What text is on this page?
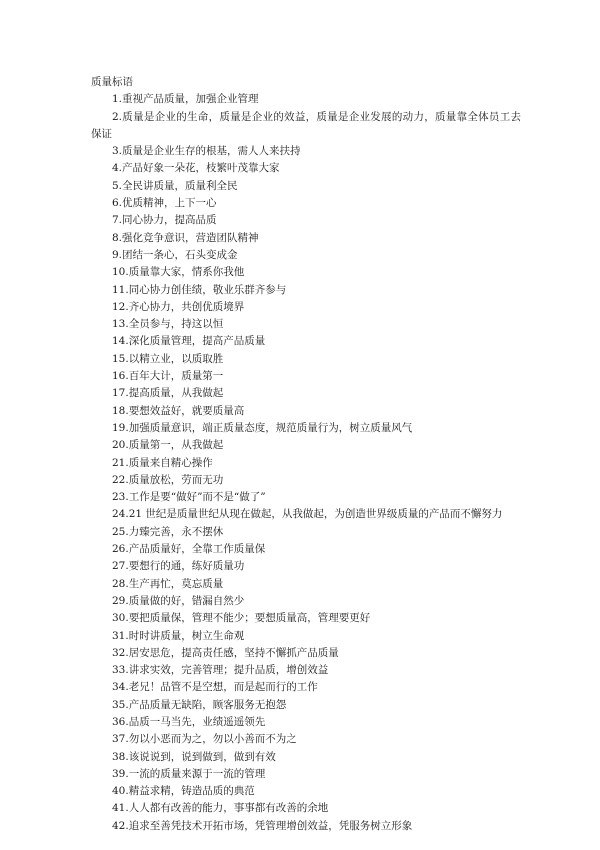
质量标语
1.重视产品质量，加强企业管理
2.质量是企业的生命，质量是企业的效益，质量是企业发展的动力，质量靠全体员工去保证
3.质量是企业生存的根基，需人人来扶持
4.产品好象一朵花，枝繁叶茂靠大家
5.全民讲质量，质量利全民
6.优质精神，上下一心
7.同心协力，提高品质
8.强化竞争意识，营造团队精神
9.团结一条心，石头变成金
10.质量靠大家，情系你我他
11.同心协力创佳绩，敬业乐群齐参与
12.齐心协力，共创优质境界
13.全员参与，持这以恒
14.深化质量管理，提高产品质量
15.以精立业，以质取胜
16.百年大计，质量第一
17.提高质量，从我做起
18.要想效益好，就要质量高
19.加强质量意识，端正质量态度，规范质量行为，树立质量风气
20.质量第一，从我做起
21.质量来自精心操作
22.质量放松，劳而无功
23.工作是要“做好”而不是“做了”
24.21 世纪是质量世纪从现在做起，从我做起，为创造世界级质量的产品而不懈努力
25.力臻完善，永不摆休
26.产品质量好，全靠工作质量保
27.要想行的通，练好质量功
28.生产再忙，莫忘质量
29.质量做的好，错漏自然少
30.要把质量保，管理不能少；要想质量高，管理要更好
31.时时讲质量，树立生命观
32.居安思危，提高责任感，坚持不懈抓产品质量
33.讲求实效，完善管理；提升品质，增创效益
34.老兄！品管不是空想，而是起而行的工作
35.产品质量无缺陷，顾客服务无抱怨
36.品质一马当先，业绩遥遥领先
37.勿以小恶而为之，勿以小善而不为之
38.该说说到，说到做到，做到有效
39.一流的质量来源于一流的管理
40.精益求精，铸造品质的典范
41.人人都有改善的能力，事事都有改善的余地
42.追求至善凭技术开拓市场，凭管理增创效益，凭服务树立形象
